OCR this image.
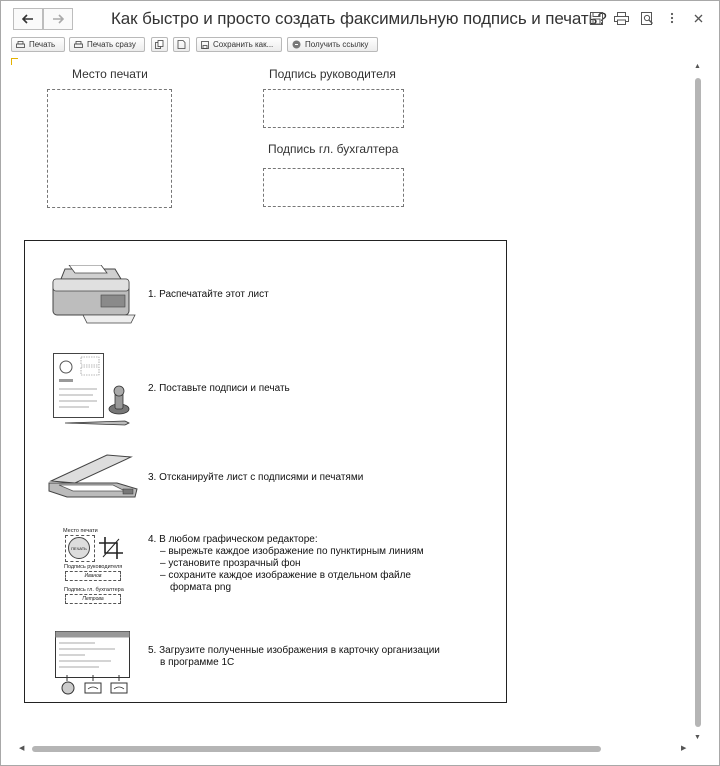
Как быстро и просто создать факсимильную подпись и печать?
Печать	Печать сразу	Сохранить как...	Получить ссылку
Место печати	Подпись руководителя
Подпись гл. бухгалтера
1. Распечатайте этот лист
2. Поставьте подписи и печать
3. Отсканируйте лист с подписями и печатями
Место печати
ПЕЧАТЬ
Подпись руководителя
Иванов
Подпись гл. бухгалтера
Петрова
4. В любом графическом редакторе:
– вырежьте каждое изображение по пунктирным линиям
– установите прозрачный фон
– сохраните каждое изображение в отдельном файле
формата png
5. Загрузите полученные изображения в карточку организации
в программе 1С
▲
▼
◀	▶
